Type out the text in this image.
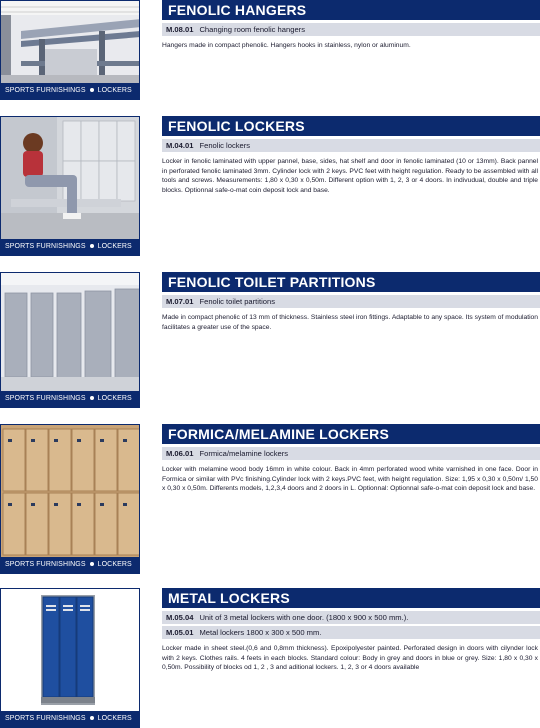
SPORTS FURNISHINGS LOCKERS
FENOLIC HANGERS
M.08.01 Changing room fenolic hangers
Hangers made in compact phenolic. Hangers hooks in stainless, nylon or aluminum.
SPORTS FURNISHINGS LOCKERS
FENOLIC LOCKERS
M.04.01 Fenolic lockers
Locker in fenolic laminated with upper pannel, base, sides, hat shelf and door in fenolic laminated (10 or 13mm). Back pannel in perforated fenolic laminated 3mm. Cylinder lock with 2 keys. PVC feet with height regulation. Ready to be assembled with all tools and screws. Measurements: 1,80 x 0,30 x 0,50m. Different option with 1, 2, 3 or 4 doors. In indivudual, double and triple blocks. Optionnal safe-o-mat coin deposit lock and base.
SPORTS FURNISHINGS LOCKERS
FENOLIC TOILET PARTITIONS
M.07.01 Fenolic toilet partitions
Made in compact phenolic of 13 mm of thickness. Stainless steel iron fittings. Adaptable to any space. Its system of modulation facilitates a greater use of the space.
SPORTS FURNISHINGS LOCKERS
FORMICA/MELAMINE LOCKERS
M.06.01 Formica/melamine lockers
Locker with melamine wood body 16mm in white colour. Back in 4mm perforated wood white varnished in one face. Door in Formica or similar with PVc finishing.Cylinder lock with 2 keys.PVC feet, with height regulation. Size: 1,95 x 0,30 x 0,50m/ 1,50 x 0,30 x 0,50m. Differents models, 1,2,3,4 doors and 2 doors in L. Optionnal: Optionnal safe-o-mat coin deposit lock and base.
SPORTS FURNISHINGS LOCKERS
METAL LOCKERS
M.05.04 Unit of 3 metal lockers with one door. (1800 x 900 x 500 mm.).
M.05.01 Metal lockers 1800 x 300 x 500 mm.
Locker made in sheet steel.(0,6 and 0,8mm thickness). Epoxipolyester painted. Perforated design in doors with cilynder lock with 2 keys. Clothes rails. 4 feets in each blocks. Standard colour: Body in grey and doors in blue or grey. Size: 1,80 x 0,30 x 0,50m. Possibility of blocks od 1, 2 , 3 and aditional lockers. 1, 2, 3 or 4 doors available
